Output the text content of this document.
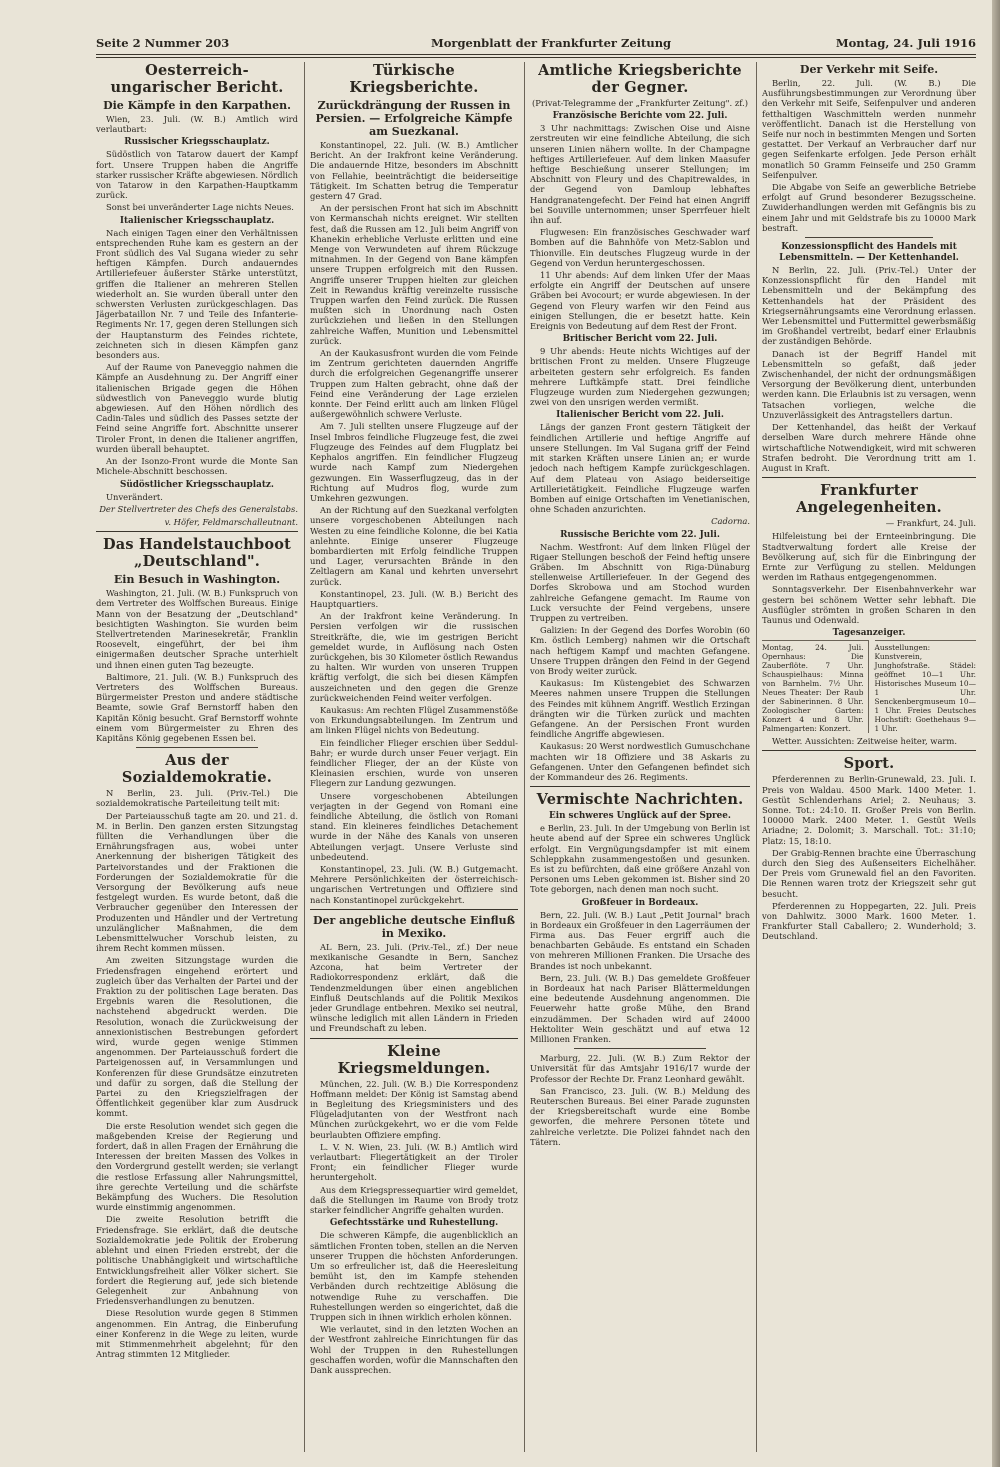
Seite 2 Nummer 203	Morgenblatt der Frankfurter Zeitung	Montag, 24. Juli 1916
Oesterreich-ungarischer Bericht.
Die Kämpfe in den Karpathen.

Wien, 23. Juli. (W. B.) Amtlich wird verlautbart:

Russischer Kriegsschauplatz.

Südöstlich von Tatarow dauert der Kampf fort. Unsere Truppen haben die Angriffe starker russischer Kräfte abgewiesen. Nördlich von Tatarow in den Karpathen-Hauptkamm zurück.

Sonst bei unveränderter Lage nichts Neues.

Italienischer Kriegsschauplatz.

Nach einigen Tagen einer den Verhältnissen entsprechenden Ruhe kam es gestern an der Front südlich des Val Sugana wieder zu sehr heftigen Kämpfen. Durch andauerndes Artilleriefeuer äußerster Stärke unterstützt, griffen die Italiener an mehreren Stellen wiederholt an. Sie wurden überall unter den schwersten Verlusten zurückgeschlagen. Das Jägerbataillon Nr. 7 und Teile des Infanterie-Regiments Nr. 17, gegen deren Stellungen sich der Hauptansturm des Feindes richtete, zeichneten sich in diesen Kämpfen ganz besonders aus.

Auf der Raume von Paneveggio nahmen die Kämpfe an Ausdehnung zu. Der Angriff einer italienischen Brigade gegen die Höhen südwestlich von Paneveggio wurde blutig abgewiesen. Auf den Höhen nördlich des Cadin-Tales und südlich des Passes setzte der Feind seine Angriffe fort. Abschnitte unserer Tiroler Front, in denen die Italiener angriffen, wurden überall behauptet.

An der Isonzo-Front wurde die Monte San Michele-Abschnitt beschossen.

Südöstlicher Kriegsschauplatz.

Unverändert.

Der Stellvertreter des Chefs des Generalstabs.
v. Höfer, Feldmarschalleutnant.
Das Handelstauchboot „Deutschland".
Ein Besuch in Washington.

Washington, 21. Juli. (W. B.) Funkspruch von dem Vertreter des Wolffschen Bureaus. Einige Mann von der Besatzung der „Deutschland" besichtigten Washington. Sie wurden beim Stellvertretenden Marinesekretär, Franklin Roosevelt, eingeführt, der bei ihm einigermaßen deutscher Sprache unterhielt und ihnen einen guten Tag bezeugte.

Baltimore, 21. Juli. (W. B.) Funkspruch des Vertreters des Wolffschen Bureaus. Bürgermeister Preston und andere städtische Beamte, sowie Graf Bernstorff haben den Kapitän König besucht. Graf Bernstorff wohnte einem vom Bürgermeister zu Ehren des Kapitäns König gegebenen Essen bei.

Aus der Sozialdemokratie.

N Berlin, 23. Juli. (Priv.-Tel.) Die sozialdemokratische Parteileitung teilt mit:

Der Parteiausschuß tagte am 20. und 21. d. M. in Berlin. Den ganzen ersten Sitzungstag füllten die Verhandlungen über die Ernährungsfragen aus, wobei unter Anerkennung der bisherigen Tätigkeit des Parteivorstandes und der Fraktionen die Forderungen der Sozialdemokratie für die Versorgung der Bevölkerung aufs neue festgelegt wurden. Es wurde betont, daß die Verbraucher gegenüber den Interessen der Produzenten und Händler und der Vertretung unzulänglicher Maßnahmen, die dem Lebensmittelwucher Vorschub leisten, zu ihrem Recht kommen müssen.

Am zweiten Sitzungstage wurden die Friedensfragen eingehend erörtert und zugleich über das Verhalten der Partei und der Fraktion zu der politischen Lage beraten. Das Ergebnis waren die Resolutionen, die nachstehend abgedruckt werden. Die Resolution, wonach die Zurückweisung der annexionistischen Bestrebungen gefordert wird, wurde gegen wenige Stimmen angenommen. Der Parteiausschuß fordert die Parteigenossen auf, in Versammlungen und Konferenzen für diese Grundsätze einzutreten und dafür zu sorgen, daß die Stellung der Partei zu den Kriegszielfragen der Öffentlichkeit gegenüber klar zum Ausdruck kommt.

Die erste Resolution wendet sich gegen die maßgebenden Kreise der Regierung und fordert, daß in allen Fragen der Ernährung die Interessen der breiten Massen des Volkes in den Vordergrund gestellt werden; sie verlangt die restlose Erfassung aller Nahrungsmittel, ihre gerechte Verteilung und die schärfste Bekämpfung des Wuchers. Die Resolution wurde einstimmig angenommen.

Die zweite Resolution betrifft die Friedensfrage. Sie erklärt, daß die deutsche Sozialdemokratie jede Politik der Eroberung ablehnt und einen Frieden erstrebt, der die politische Unabhängigkeit und wirtschaftliche Entwicklungsfreiheit aller Völker sichert. Sie fordert die Regierung auf, jede sich bietende Gelegenheit zur Anbahnung von Friedensverhandlungen zu benutzen.

Diese Resolution wurde gegen 8 Stimmen angenommen. Ein Antrag, die Einberufung einer Konferenz in die Wege zu leiten, wurde mit Stimmenmehrheit abgelehnt; für den Antrag stimmten 12 Mitglieder.

Türkische Kriegsberichte.
Zurückdrängung der Russen in Persien. — Erfolgreiche Kämpfe am Suezkanal.

Konstantinopel, 22. Juli. (W. B.) Amtlicher Bericht. An der Irakfront keine Veränderung. Die andauernde Hitze, besonders im Abschnitt von Fellahie, beeinträchtigt die beiderseitige Tätigkeit. Im Schatten betrug die Temperatur gestern 47 Grad.

An der persischen Front hat sich im Abschnitt von Kermanschah nichts ereignet. Wir stellten fest, daß die Russen am 12. Juli beim Angriff von Khanekin erhebliche Verluste erlitten und eine Menge von Verwundeten auf ihrem Rückzuge mitnahmen. In der Gegend von Bane kämpfen unsere Truppen erfolgreich mit den Russen. Angriffe unserer Truppen hielten zur gleichen Zeit in Rewandus kräftig vereinzelte russische Truppen warfen den Feind zurück. Die Russen mußten sich in Unordnung nach Osten zurückziehen und ließen in den Stellungen zahlreiche Waffen, Munition und Lebensmittel zurück.

An der Kaukasusfront wurden die vom Feinde im Zentrum gerichteten dauernden Angriffe durch die erfolgreichen Gegenangriffe unserer Truppen zum Halten gebracht, ohne daß der Feind eine Veränderung der Lage erzielen konnte. Der Feind erlitt auch am linken Flügel außergewöhnlich schwere Verluste.

Am 7. Juli stellten unsere Flugzeuge auf der Insel Imbros feindliche Flugzeuge fest, die zwei Flugzeuge des Feindes auf dem Flugplatz bei Kephalos angriffen. Ein feindlicher Flugzeug wurde nach Kampf zum Niedergehen gezwungen. Ein Wasserflugzeug, das in der Richtung auf Mudros flog, wurde zum Umkehren gezwungen.

An der Richtung auf den Suezkanal verfolgten unsere vorgeschobenen Abteilungen nach Westen zu eine feindliche Kolonne, die bei Katia anlehnte. Einige unserer Flugzeuge bombardierten mit Erfolg feindliche Truppen und Lager, verursachten Brände in den Zeltlagern am Kanal und kehrten unversehrt zurück.

Konstantinopel, 23. Juli. (W. B.) Bericht des Hauptquartiers.

An der Irakfront keine Veränderung. In Persien verfolgen wir die russischen Streitkräfte, die, wie im gestrigen Bericht gemeldet wurde, in Auflösung nach Osten zurückgehen, bis 30 Kilometer östlich Rewandus zu halten. Wir wurden von unseren Truppen kräftig verfolgt, die sich bei diesen Kämpfen auszeichneten und den gegen die Grenze zurückweichenden Feind weiter verfolgen.

Kaukasus: Am rechten Flügel Zusammenstöße von Erkundungsabteilungen. Im Zentrum und am linken Flügel nichts von Bedeutung.

Ein feindlicher Flieger erschien über Seddul-Bahr; er wurde durch unser Feuer verjagt. Ein feindlicher Flieger, der an der Küste von Kleinasien erschien, wurde von unseren Fliegern zur Landung gezwungen.

Unsere vorgeschobenen Abteilungen verjagten in der Gegend von Romani eine feindliche Abteilung, die östlich von Romani stand. Ein kleineres feindliches Detachement wurde in der Nähe des Kanals von unseren Abteilungen verjagt. Unsere Verluste sind unbedeutend.

Konstantinopel, 23. Juli. (W. B.) Gutgemacht. Mehrere Persönlichkeiten der österreichisch-ungarischen Vertretungen und Offiziere sind nach Konstantinopel zurückgekehrt.

Der angebliche deutsche Einfluß in Mexiko.

AL Bern, 23. Juli. (Priv.-Tel., zf.) Der neue mexikanische Gesandte in Bern, Sanchez Azcona, hat beim Vertreter der Radiokorrespondenz erklärt, daß die Tendenzmeldungen über einen angeblichen Einfluß Deutschlands auf die Politik Mexikos jeder Grundlage entbehren. Mexiko sei neutral, wünsche lediglich mit allen Ländern in Frieden und Freundschaft zu leben.

Kleine Kriegsmeldungen.

München, 22. Juli. (W. B.) Die Korrespondenz Hoffmann meldet: Der König ist Samstag abend in Begleitung des Kriegsministers und des Flügeladjutanten von der Westfront nach München zurückgekehrt, wo er die vom Felde beurlaubten Offiziere empfing.

L. V. N. Wien, 23. Juli. (W. B.) Amtlich wird verlautbart: Fliegertätigkeit an der Tiroler Front; ein feindlicher Flieger wurde heruntergeholt.

Aus dem Kriegspressequartier wird gemeldet, daß die Stellungen im Raume von Brody trotz starker feindlicher Angriffe gehalten wurden.

Gefechtsstärke und Ruhestellung.

Die schweren Kämpfe, die augenblicklich an sämtlichen Fronten toben, stellen an die Nerven unserer Truppen die höchsten Anforderungen. Um so erfreulicher ist, daß die Heeresleitung bemüht ist, den im Kampfe stehenden Verbänden durch rechtzeitige Ablösung die notwendige Ruhe zu verschaffen. Die Ruhestellungen werden so eingerichtet, daß die Truppen sich in ihnen wirklich erholen können.

Wie verlautet, sind in den letzten Wochen an der Westfront zahlreiche Einrichtungen für das Wohl der Truppen in den Ruhestellungen geschaffen worden, wofür die Mannschaften den Dank aussprechen.

Amtliche Kriegsberichte der Gegner.

(Privat-Telegramme der „Frankfurter Zeitung". zf.)

Französische Berichte vom 22. Juli.

3 Uhr nachmittags: Zwischen Oise und Aisne zerstreuten wir eine feindliche Abteilung, die sich unseren Linien nähern wollte. In der Champagne heftiges Artilleriefeuer. Auf dem linken Maasufer heftige Beschießung unserer Stellungen; im Abschnitt von Fleury und des Chapitrewaldes, in der Gegend von Damloup lebhaftes Handgranatengefecht. Der Feind hat einen Angriff bei Souville unternommen; unser Sperrfeuer hielt ihn auf.

Flugwesen: Ein französisches Geschwader warf Bomben auf die Bahnhöfe von Metz-Sablon und Thionville. Ein deutsches Flugzeug wurde in der Gegend von Verdun heruntergeschossen.

11 Uhr abends: Auf dem linken Ufer der Maas erfolgte ein Angriff der Deutschen auf unsere Gräben bei Avocourt; er wurde abgewiesen. In der Gegend von Fleury warfen wir den Feind aus einigen Stellungen, die er besetzt hatte. Kein Ereignis von Bedeutung auf dem Rest der Front.

Britischer Bericht vom 22. Juli.

9 Uhr abends: Heute nichts Wichtiges auf der britischen Front zu melden. Unsere Flugzeuge arbeiteten gestern sehr erfolgreich. Es fanden mehrere Luftkämpfe statt. Drei feindliche Flugzeuge wurden zum Niedergehen gezwungen; zwei von den unsrigen werden vermißt.

Italienischer Bericht vom 22. Juli.

Längs der ganzen Front gestern Tätigkeit der feindlichen Artillerie und heftige Angriffe auf unsere Stellungen. Im Val Sugana griff der Feind mit starken Kräften unsere Linien an; er wurde jedoch nach heftigem Kampfe zurückgeschlagen. Auf dem Plateau von Asiago beiderseitige Artillerietätigkeit. Feindliche Flugzeuge warfen Bomben auf einige Ortschaften im Venetianischen, ohne Schaden anzurichten.

Cadorna.
Russische Berichte vom 22. Juli.

Nachm. Westfront: Auf dem linken Flügel der Rigaer Stellungen beschoß der Feind heftig unsere Gräben. Im Abschnitt von Riga-Dünaburg stellenweise Artilleriefeuer. In der Gegend des Dorfes Skrobowa und am Stochod wurden zahlreiche Gefangene gemacht. Im Raume von Luck versuchte der Feind vergebens, unsere Truppen zu vertreiben.

Galizien: In der Gegend des Dorfes Worobin (60 Km. östlich Lemberg) nahmen wir die Ortschaft nach heftigem Kampf und machten Gefangene. Unsere Truppen drängen den Feind in der Gegend von Brody weiter zurück.

Kaukasus: Im Küstengebiet des Schwarzen Meeres nahmen unsere Truppen die Stellungen des Feindes mit kühnem Angriff. Westlich Erzingan drängten wir die Türken zurück und machten Gefangene. An der Persischen Front wurden feindliche Angriffe abgewiesen.

Kaukasus: 20 Werst nordwestlich Gumuschchane machten wir 18 Offiziere und 38 Askaris zu Gefangenen. Unter den Gefangenen befindet sich der Kommandeur des 26. Regiments.

Vermischte Nachrichten.
Ein schweres Unglück auf der Spree.

e Berlin, 23. Juli. In der Umgebung von Berlin ist heute abend auf der Spree ein schweres Unglück erfolgt. Ein Vergnügungsdampfer ist mit einem Schleppkahn zusammengestoßen und gesunken. Es ist zu befürchten, daß eine größere Anzahl von Personen ums Leben gekommen ist. Bisher sind 20 Tote geborgen, nach denen man noch sucht.

Großfeuer in Bordeaux.

Bern, 22. Juli. (W. B.) Laut „Petit Journal" brach in Bordeaux ein Großfeuer in den Lagerräumen der Firma aus. Das Feuer ergriff auch die benachbarten Gebäude. Es entstand ein Schaden von mehreren Millionen Franken. Die Ursache des Brandes ist noch unbekannt.

Bern, 23. Juli. (W. B.) Das gemeldete Großfeuer in Bordeaux hat nach Pariser Blättermeldungen eine bedeutende Ausdehnung angenommen. Die Feuerwehr hatte große Mühe, den Brand einzudämmen. Der Schaden wird auf 24000 Hektoliter Wein geschätzt und auf etwa 12 Millionen Franken.

Marburg, 22. Juli. (W. B.) Zum Rektor der Universität für das Amtsjahr 1916/17 wurde der Professor der Rechte Dr. Franz Leonhard gewählt.

San Francisco, 23. Juli. (W. B.) Meldung des Reuterschen Bureaus. Bei einer Parade zugunsten der Kriegsbereitschaft wurde eine Bombe geworfen, die mehrere Personen tötete und zahlreiche verletzte. Die Polizei fahndet nach den Tätern.

Der Verkehr mit Seife.

Berlin, 22. Juli. (W. B.) Die Ausführungsbestimmungen zur Verordnung über den Verkehr mit Seife, Seifenpulver und anderen fetthaltigen Waschmitteln werden nunmehr veröffentlicht. Danach ist die Herstellung von Seife nur noch in bestimmten Mengen und Sorten gestattet. Der Verkauf an Verbraucher darf nur gegen Seifenkarte erfolgen. Jede Person erhält monatlich 50 Gramm Feinseife und 250 Gramm Seifenpulver.

Die Abgabe von Seife an gewerbliche Betriebe erfolgt auf Grund besonderer Bezugsscheine. Zuwiderhandlungen werden mit Gefängnis bis zu einem Jahr und mit Geldstrafe bis zu 10000 Mark bestraft.

Konzessionspflicht des Handels mit Lebensmitteln. — Der Kettenhandel.

N Berlin, 22. Juli. (Priv.-Tel.) Unter der Konzessionspflicht für den Handel mit Lebensmitteln und der Bekämpfung des Kettenhandels hat der Präsident des Kriegsernährungsamts eine Verordnung erlassen. Wer Lebensmittel und Futtermittel gewerbsmäßig im Großhandel vertreibt, bedarf einer Erlaubnis der zuständigen Behörde.

Danach ist der Begriff Handel mit Lebensmitteln so gefaßt, daß jeder Zwischenhandel, der nicht der ordnungsmäßigen Versorgung der Bevölkerung dient, unterbunden werden kann. Die Erlaubnis ist zu versagen, wenn Tatsachen vorliegen, welche die Unzuverlässigkeit des Antragstellers dartun.

Der Kettenhandel, das heißt der Verkauf derselben Ware durch mehrere Hände ohne wirtschaftliche Notwendigkeit, wird mit schweren Strafen bedroht. Die Verordnung tritt am 1. August in Kraft.

Frankfurter Angelegenheiten.
— Frankfurt, 24. Juli.

Hilfeleistung bei der Ernteeinbringung. Die Stadtverwaltung fordert alle Kreise der Bevölkerung auf, sich für die Einbringung der Ernte zur Verfügung zu stellen. Meldungen werden im Rathaus entgegengenommen.

Sonntagsverkehr. Der Eisenbahnverkehr war gestern bei schönem Wetter sehr lebhaft. Die Ausflügler strömten in großen Scharen in den Taunus und Odenwald.

Tagesanzeiger.
Montag, 24. Juli. Opernhaus: Die Zauberflöte. 7 Uhr. Schauspielhaus: Minna von Barnhelm. 7½ Uhr. Neues Theater: Der Raub der Sabinerinnen. 8 Uhr. Zoologischer Garten: Konzert 4 und 8 Uhr. Palmengarten: Konzert.
Ausstellungen: Kunstverein, Junghofstraße. Städel: geöffnet 10—1 Uhr. Historisches Museum 10—1 Uhr. Senckenbergmuseum 10—1 Uhr. Freies Deutsches Hochstift: Goethehaus 9—1 Uhr.

Wetter. Aussichten: Zeitweise heiter, warm.

Sport.

Pferderennen zu Berlin-Grunewald, 23. Juli. I. Preis von Waldau. 4500 Mark. 1400 Meter. 1. Gestüt Schlenderhans Ariel; 2. Neuhaus; 3. Sonne. Tot.: 24:10. II. Großer Preis von Berlin. 100000 Mark. 2400 Meter. 1. Gestüt Weils Ariadne; 2. Dolomit; 3. Marschall. Tot.: 31:10; Platz: 15, 18:10.

Der Grabig-Rennen brachte eine Überraschung durch den Sieg des Außenseiters Eichelhäher. Der Preis vom Grunewald fiel an den Favoriten. Die Rennen waren trotz der Kriegszeit sehr gut besucht.

Pferderennen zu Hoppegarten, 22. Juli. Preis von Dahlwitz. 3000 Mark. 1600 Meter. 1. Frankfurter Stall Caballero; 2. Wunderhold; 3. Deutschland.
